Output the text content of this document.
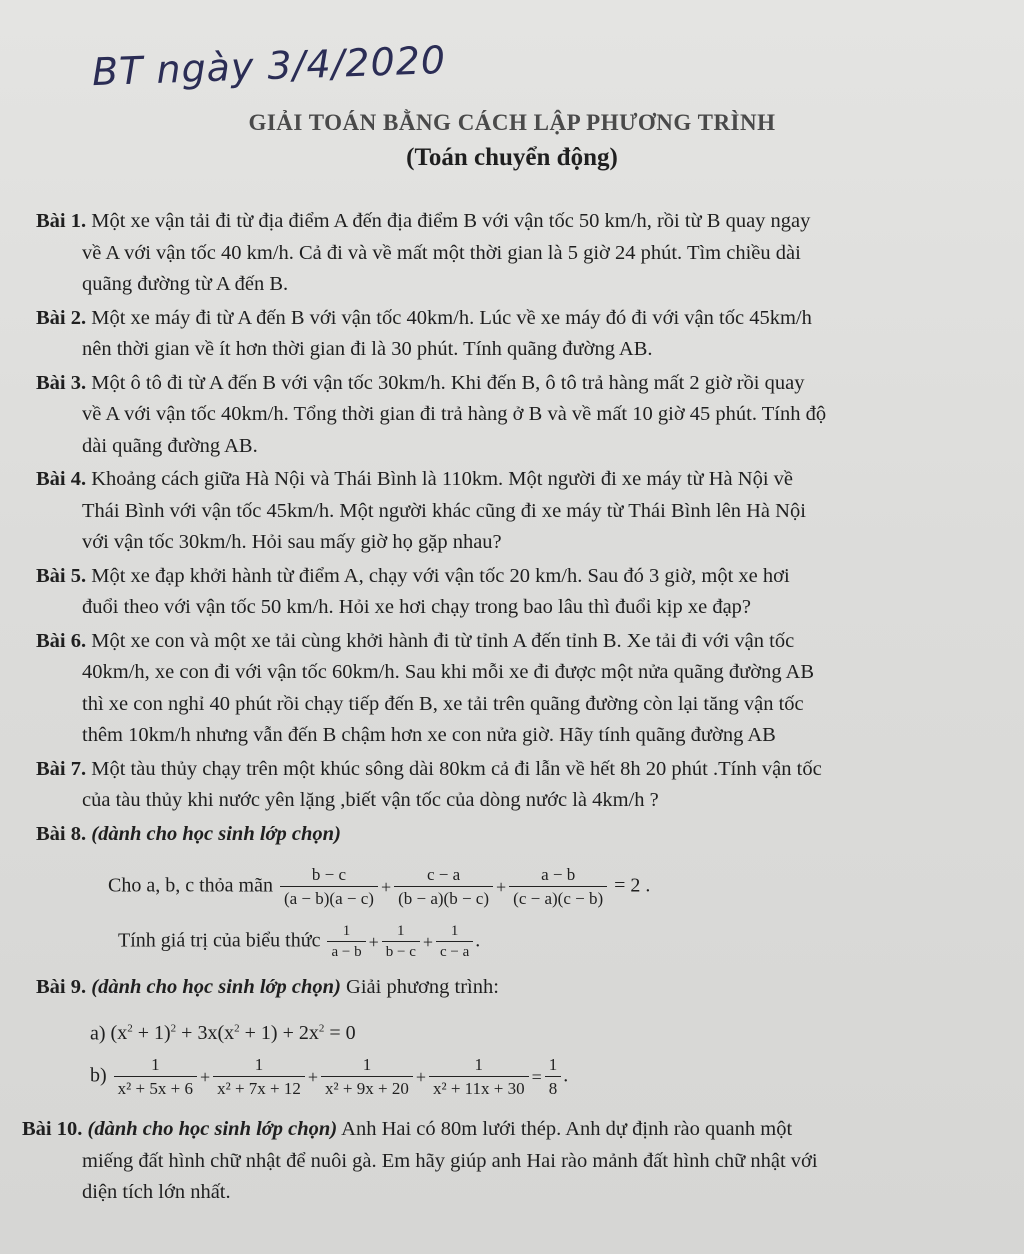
BT ngày 3/4/2020
GIẢI TOÁN BẰNG CÁCH LẬP PHƯƠNG TRÌNH
(Toán chuyển động)
Bài 1. Một xe vận tải đi từ địa điểm A đến địa điểm B với vận tốc 50 km/h, rồi từ B quay ngay
về A với vận tốc 40 km/h. Cả đi và về mất một thời gian là 5 giờ 24 phút. Tìm chiều dài
quãng đường từ A đến B.
Bài 2. Một xe máy đi từ A đến B với vận tốc 40km/h. Lúc về xe máy đó đi với vận tốc 45km/h
nên thời gian về ít hơn thời gian đi là 30 phút. Tính quãng đường AB.
Bài 3. Một ô tô đi từ A đến B với vận tốc 30km/h. Khi đến B, ô tô trả hàng mất 2 giờ rồi quay
về A với vận tốc 40km/h. Tổng thời gian đi trả hàng ở B và về mất 10 giờ 45 phút. Tính độ
dài quãng đường AB.
Bài 4. Khoảng cách giữa Hà Nội và Thái Bình là 110km. Một người đi xe máy từ Hà Nội về
Thái Bình với vận tốc 45km/h. Một người khác cũng đi xe máy từ Thái Bình lên Hà Nội
với vận tốc 30km/h. Hỏi sau mấy giờ họ gặp nhau?
Bài 5. Một xe đạp khởi hành từ điểm A, chạy với vận tốc 20 km/h. Sau đó 3 giờ, một xe hơi
đuổi theo với vận tốc 50 km/h. Hỏi xe hơi chạy trong bao lâu thì đuổi kịp xe đạp?
Bài 6. Một xe con và một xe tải cùng khởi hành đi từ tỉnh A đến tỉnh B. Xe tải đi với vận tốc
40km/h, xe con đi với vận tốc 60km/h. Sau khi mỗi xe đi được một nửa quãng đường AB
thì xe con nghỉ 40 phút rồi chạy tiếp đến B, xe tải trên quãng đường còn lại tăng vận tốc
thêm 10km/h nhưng vẫn đến B chậm hơn xe con nửa giờ. Hãy tính quãng đường AB
Bài 7. Một tàu thủy chạy trên một khúc sông dài 80km cả đi lẫn về hết 8h 20 phút .Tính vận tốc
của tàu thủy khi nước yên lặng ,biết vận tốc của dòng nước là 4km/h ?
Bài 8. (dành cho học sinh lớp chọn)
Cho a, b, c thỏa mãn $\frac{b - c}{(a - b)(a - c)} + \frac{c - a}{(b - a)(b - c)} + \frac{a - b}{(c - a)(c - b)} = 2$ .
Tính giá trị của biểu thức $\frac{1}{a - b} + \frac{1}{b - c} + \frac{1}{c - a}$ .
Bài 9. (dành cho học sinh lớp chọn) Giải phương trình:
a) $(x^2 + 1)^2 + 3x(x^2 + 1) + 2x^2 = 0$
$b) \frac{1}{\text{x² + 5x + 6}} + \frac{1}{\text{x² + 7x + 12}} + \frac{1}{\text{x² + 9x + 20}} + \frac{1}{\text{x² + 11x + 30}} = \frac{1}{8}$ .
Bài 10. (dành cho học sinh lớp chọn) Anh Hai có 80m lưới thép. Anh dự định rào quanh một
miếng đất hình chữ nhật để nuôi gà. Em hãy giúp anh Hai rào mảnh đất hình chữ nhật với
diện tích lớn nhất.
